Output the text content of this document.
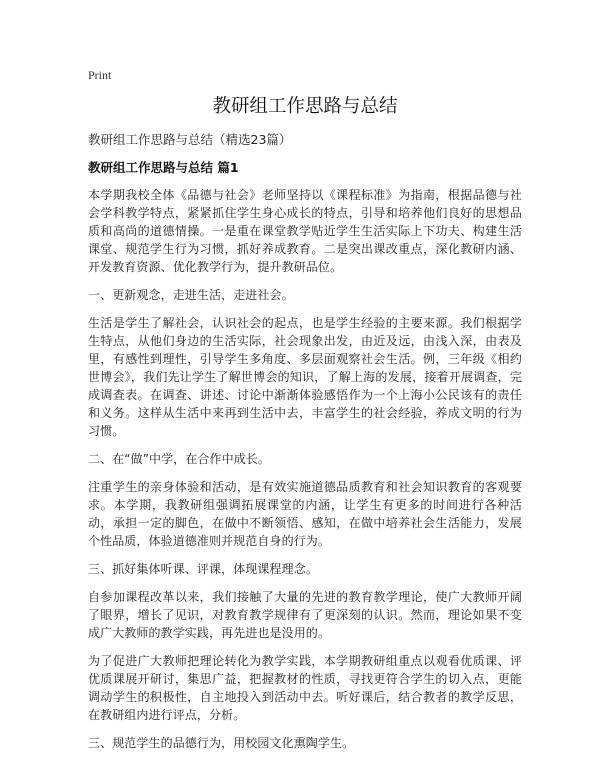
Print
教研组工作思路与总结
教研组工作思路与总结（精选23篇）
教研组工作思路与总结 篇1

本学期我校全体《品德与社会》老师坚持以《课程标准》为指南，根据品德与社会学科教学特点，紧紧抓住学生身心成长的特点，引导和培养他们良好的思想品质和高尚的道德情操。一是重在课堂教学贴近学生生活实际上下功夫、构建生活课堂、规范学生行为习惯，抓好养成教育。二是突出课改重点，深化教研内涵、开发教育资源、优化教学行为，提升教研品位。

一、更新观念，走进生活，走进社会。

生活是学生了解社会，认识社会的起点，也是学生经验的主要来源。我们根据学生特点，从他们身边的生活实际，社会现象出发，由近及远，由浅入深，由表及里，有感性到理性，引导学生多角度、多层面观察社会生活。例，三年级《相约世博会》，我们先让学生了解世博会的知识，了解上海的发展，接着开展调查，完成调查表。在调查、讲述、讨论中渐渐体验感悟作为一个上海小公民该有的责任和义务。这样从生活中来再到生活中去，丰富学生的社会经验，养成文明的行为习惯。

二、在“做”中学，在合作中成长。

注重学生的亲身体验和活动，是有效实施道德品质教育和社会知识教育的客观要求。本学期，我教研组强调拓展课堂的内涵，让学生有更多的时间进行各种活动，承担一定的脚色，在做中不断领悟、感知，在做中培养社会生活能力，发展个性品质，体验道德准则并规范自身的行为。

三、抓好集体听课、评课，体现课程理念。

自参加课程改革以来，我们接触了大量的先进的教育教学理论，使广大教师开阔了眼界，增长了见识，对教育教学规律有了更深刻的认识。然而，理论如果不变成广大教师的教学实践，再先进也是没用的。

为了促进广大教师把理论转化为教学实践，本学期教研组重点以观看优质课、评优质课展开研讨，集思广益，把握教材的性质，寻找更符合学生的切入点，更能调动学生的积极性，自主地投入到活动中去。听好课后，结合教者的教学反思，在教研组内进行评点，分析。

三、规范学生的品德行为，用校园文化熏陶学生。
